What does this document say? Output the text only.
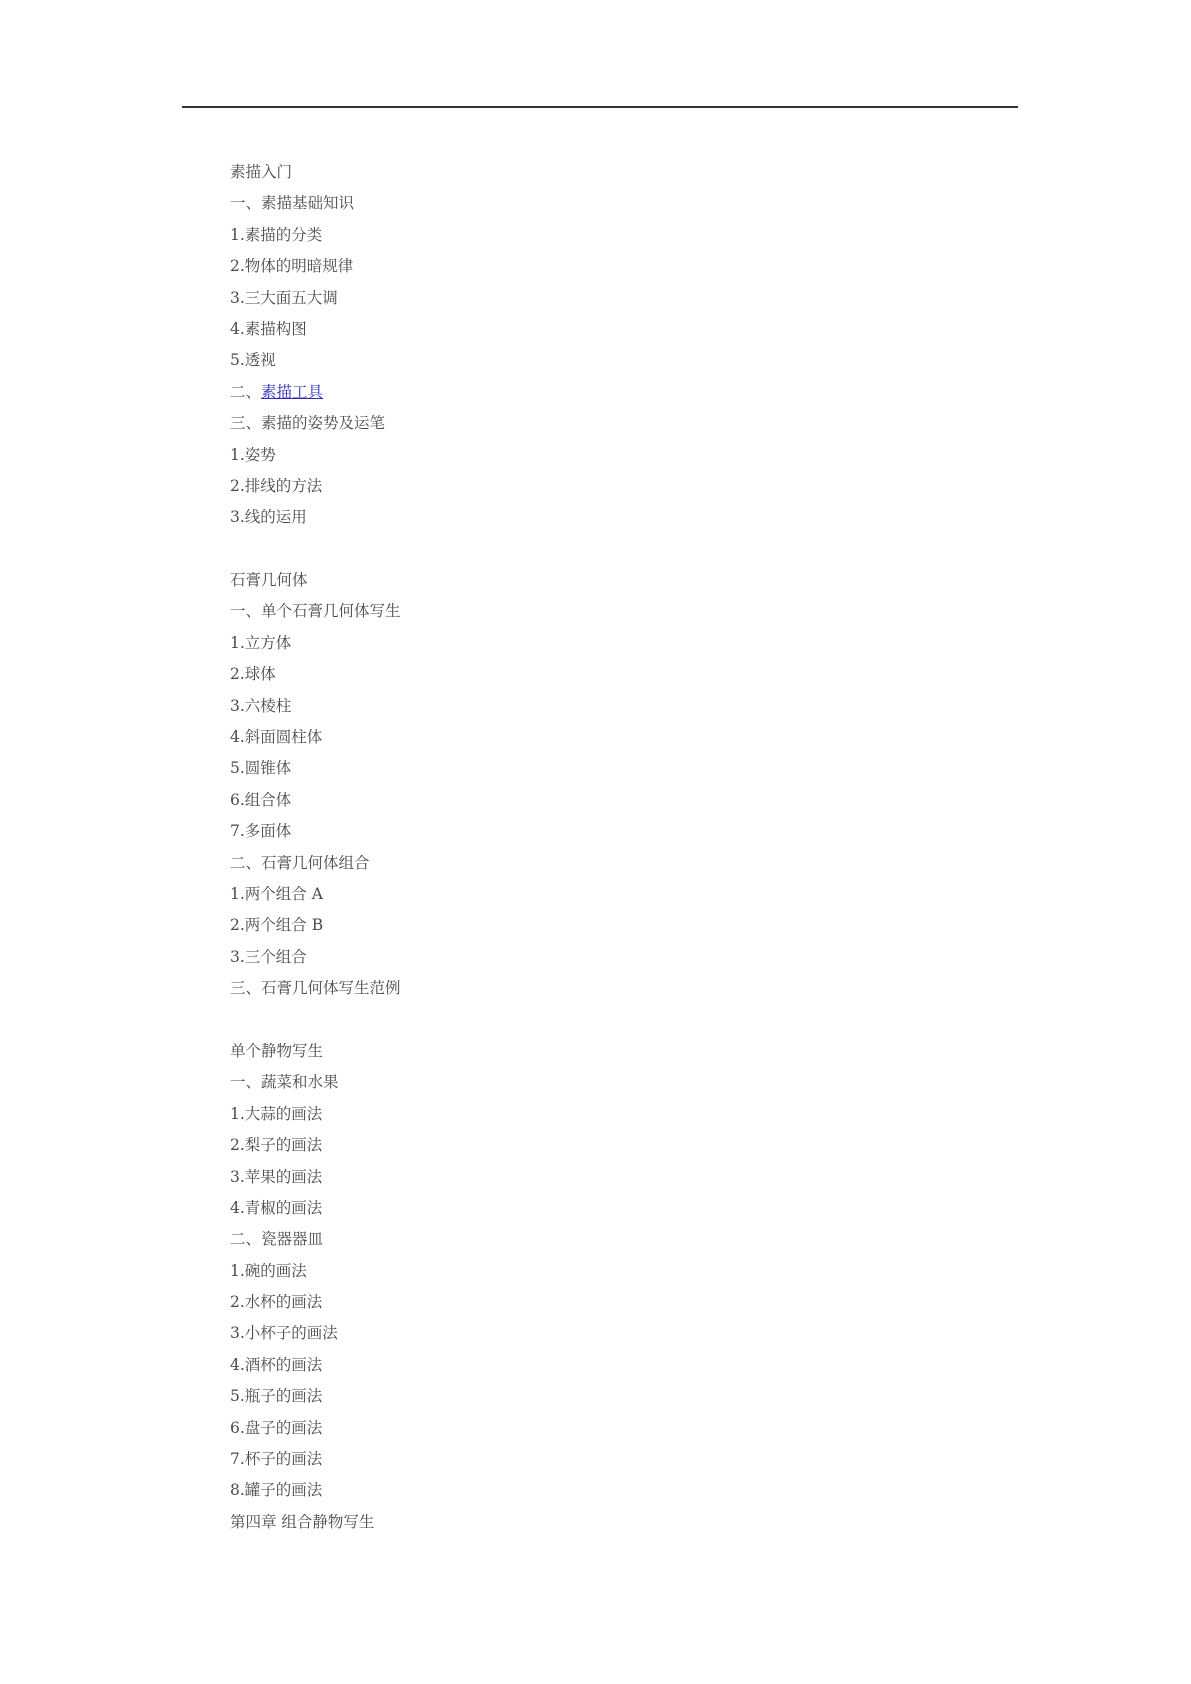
素描入门
一、素描基础知识
1.素描的分类
2.物体的明暗规律
3.三大面五大调
4.素描构图
5.透视
二、素描工具
三、素描的姿势及运笔
1.姿势
2.排线的方法
3.线的运用
石膏几何体
一、单个石膏几何体写生
1.立方体
2.球体
3.六棱柱
4.斜面圆柱体
5.圆锥体
6.组合体
7.多面体
二、石膏几何体组合
1.两个组合 A
2.两个组合 B
3.三个组合
三、石膏几何体写生范例
单个静物写生
一、蔬菜和水果
1.大蒜的画法
2.梨子的画法
3.苹果的画法
4.青椒的画法
二、瓷器器皿
1.碗的画法
2.水杯的画法
3.小杯子的画法
4.酒杯的画法
5.瓶子的画法
6.盘子的画法
7.杯子的画法
8.罐子的画法
第四章 组合静物写生
